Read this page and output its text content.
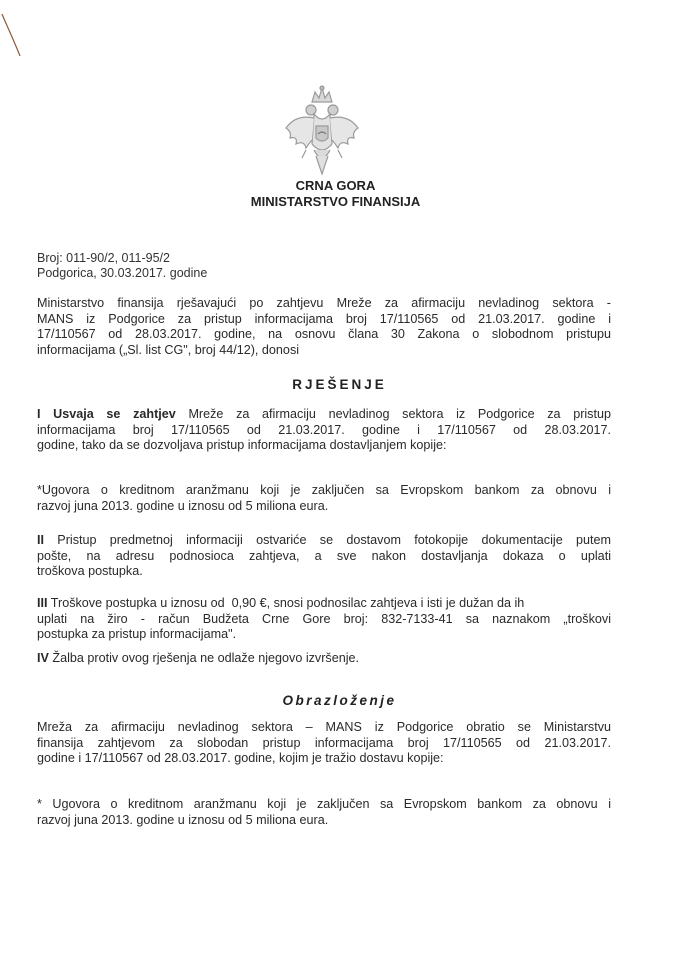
CRNA GORA
MINISTARSTVO FINANSIJA
Broj: 011-90/2, 011-95/2
Podgorica, 30.03.2017. godine
Ministarstvo finansija rješavajući po zahtjevu Mreže za afirmaciju nevladinog sektora -
MANS iz Podgorice za pristup informacijama broj 17/110565 od 21.03.2017. godine i
17/110567 od 28.03.2017. godine, na osnovu člana 30 Zakona o slobodnom pristupu
informacijama („Sl. list CG", broj 44/12), donosi
RJEŠENJE
I Usvaja se zahtjev Mreže za afirmaciju nevladinog sektora iz Podgorice za pristup
informacijama broj 17/110565 od 21.03.2017. godine i 17/110567 od 28.03.2017.
godine, tako da se dozvoljava pristup informacijama dostavljanjem kopije:
*Ugovora o kreditnom aranžmanu koji je zaključen sa Evropskom bankom za obnovu i
razvoj juna 2013. godine u iznosu od 5 miliona eura.
II Pristup predmetnoj informaciji ostvariće se dostavom fotokopije dokumentacije putem
pošte, na adresu podnosioca zahtjeva, a sve nakon dostavljanja dokaza o uplati
troškova postupka.
III Troškove postupka u iznosu od  0,90 €, snosi podnosilac zahtjeva i isti je dužan da ih
uplati na žiro - račun Budžeta Crne Gore broj: 832-7133-41 sa naznakom „troškovi
postupka za pristup informacijama".
IV Žalba protiv ovog rješenja ne odlaže njegovo izvršenje.
Obrazloženje
Mreža za afirmaciju nevladinog sektora – MANS iz Podgorice obratio se Ministarstvu
finansija zahtjevom za slobodan pristup informacijama broj 17/110565 od 21.03.2017.
godine i 17/110567 od 28.03.2017. godine, kojim je tražio dostavu kopije:
* Ugovora o kreditnom aranžmanu koji je zaključen sa Evropskom bankom za obnovu i
razvoj juna 2013. godine u iznosu od 5 miliona eura.
